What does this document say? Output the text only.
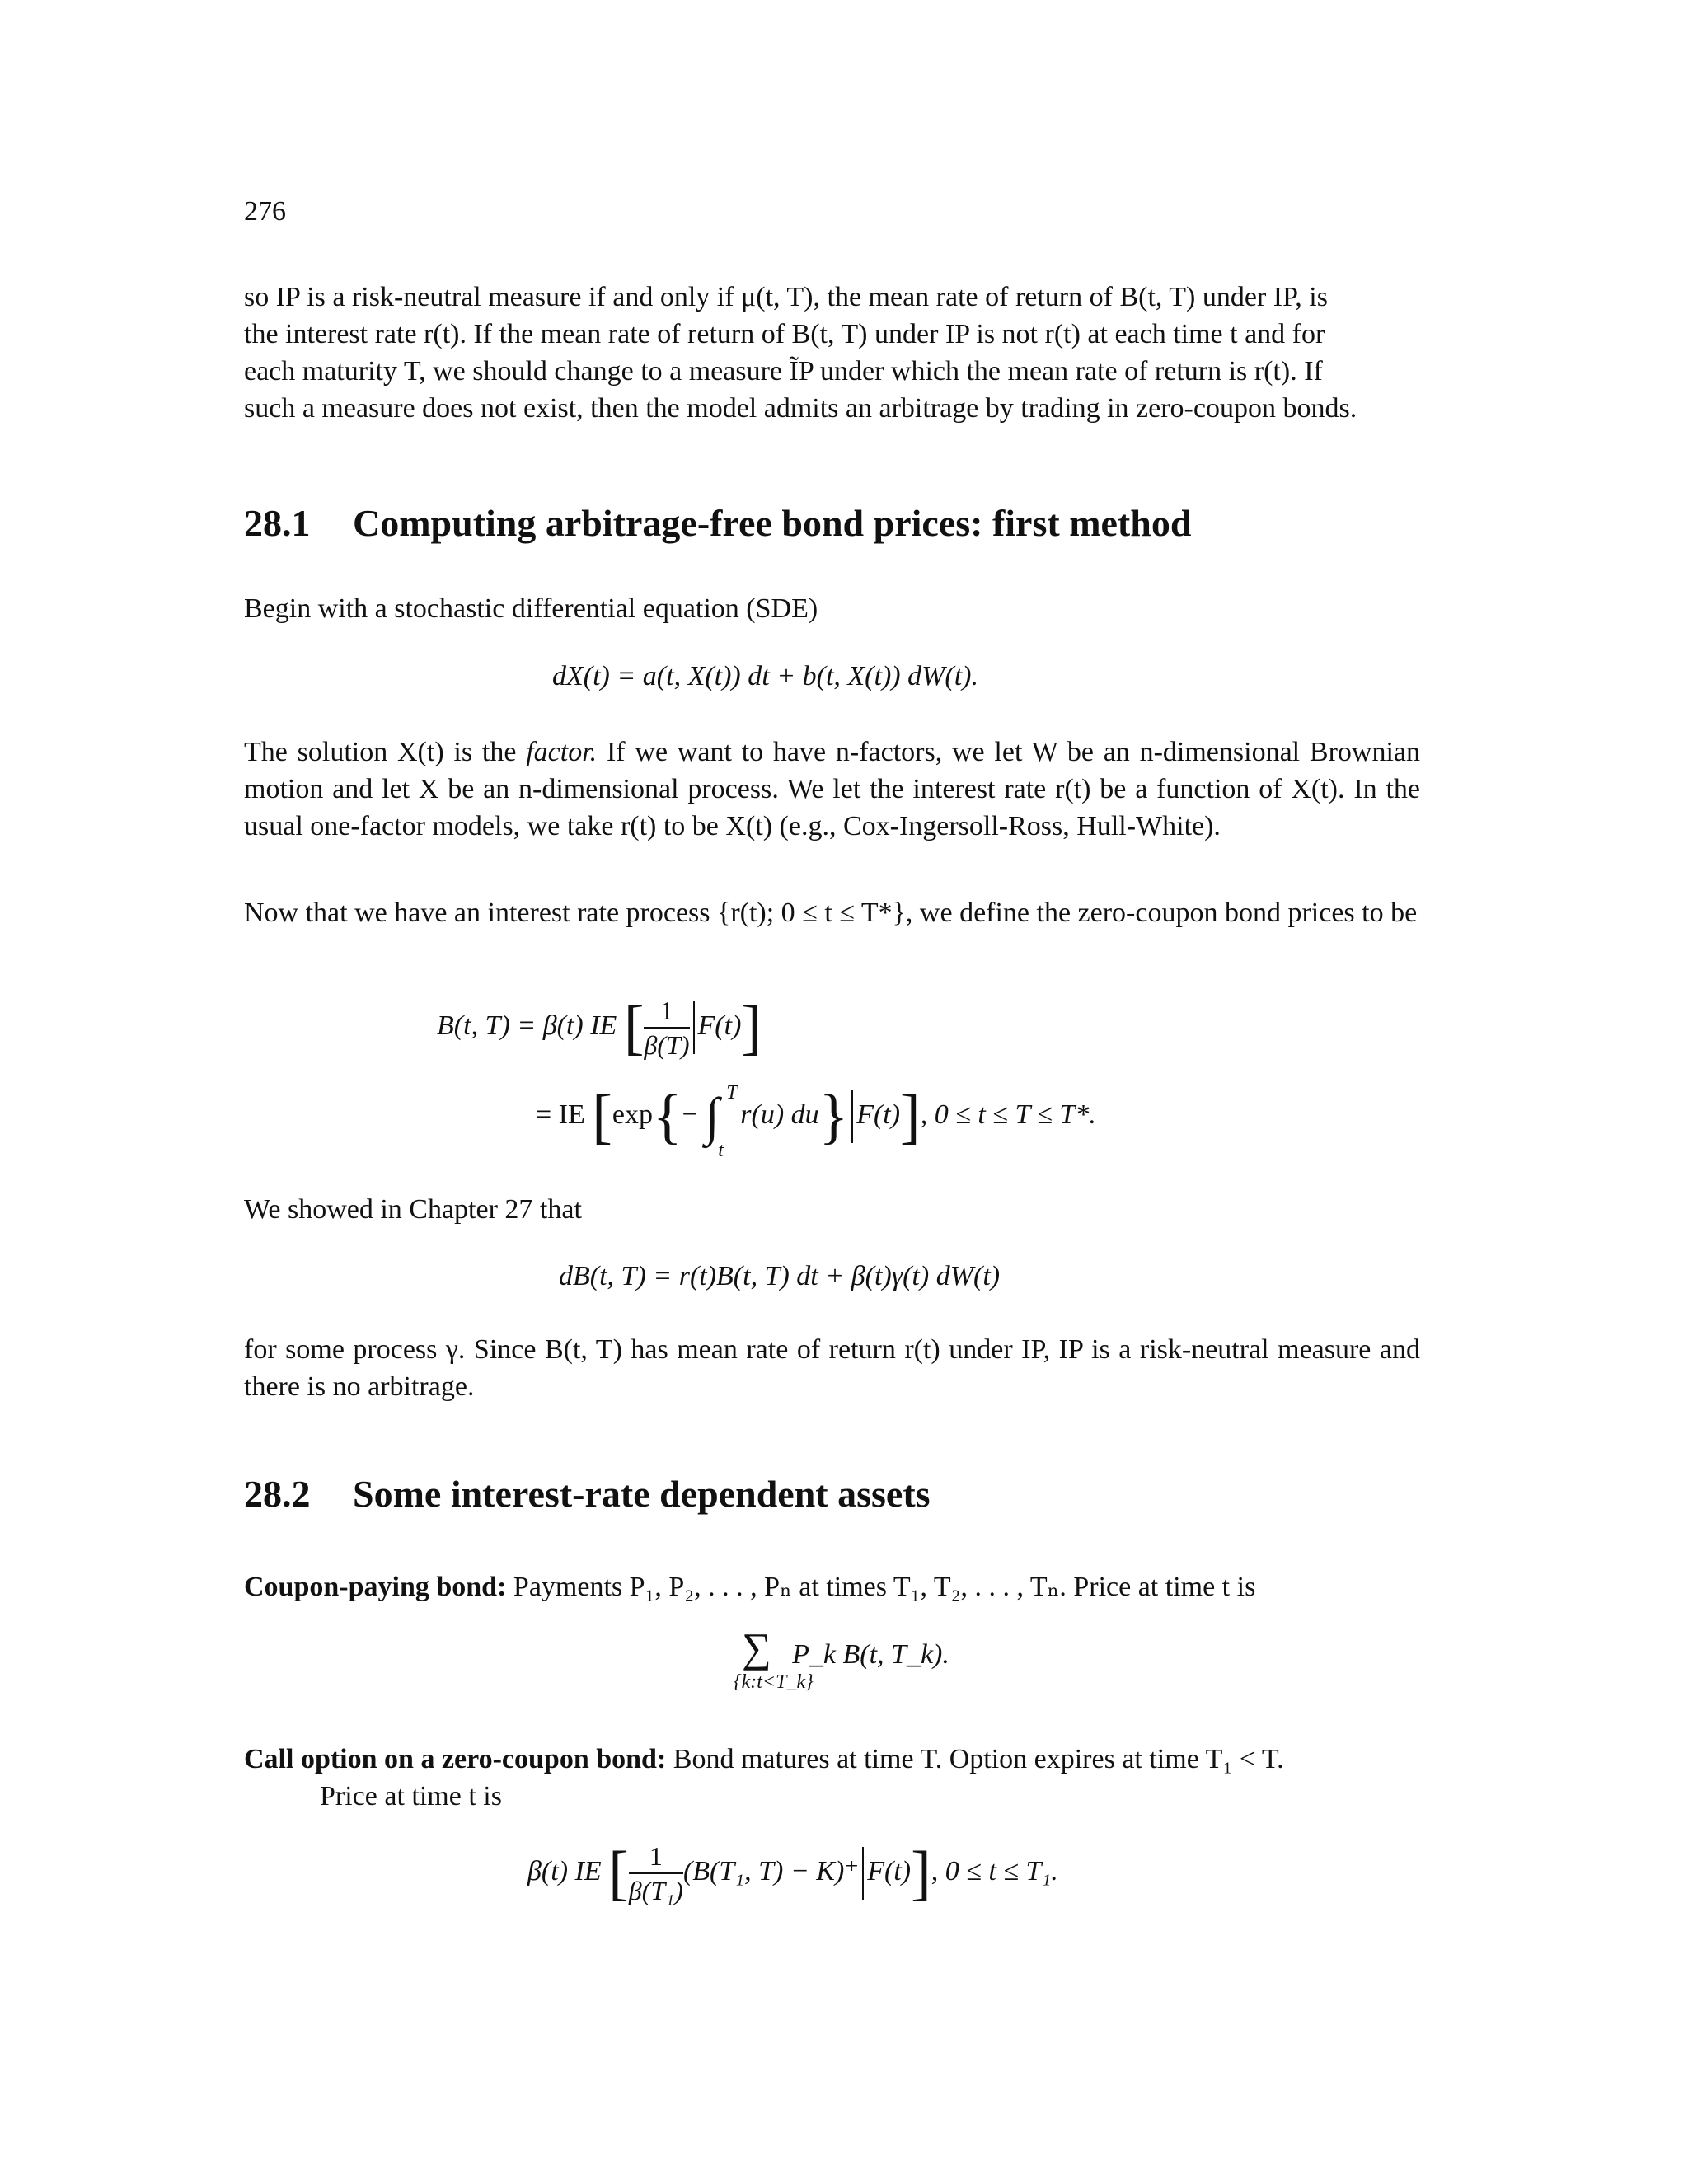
276

so IP is a risk-neutral measure if and only if μ(t, T), the mean rate of return of B(t, T) under IP, is

the interest rate r(t). If the mean rate of return of B(t, T) under IP is not r(t) at each time t and for

each maturity T, we should change to a measure ĨP under which the mean rate of return is r(t). If

such a measure does not exist, then the model admits an arbitrage by trading in zero-coupon bonds.

28.1 Computing arbitrage-free bond prices: first method

Begin with a stochastic differential equation (SDE)

dX(t) = a(t, X(t)) dt + b(t, X(t)) dW(t).

The solution X(t) is the factor. If we want to have n-factors, we let W be an n-dimensional Brownian motion and let X be an n-dimensional process. We let the interest rate r(t) be a function of X(t). In the usual one-factor models, we take r(t) to be X(t) (e.g., Cox-Ingersoll-Ross, Hull-White).

Now that we have an interest rate process {r(t); 0 ≤ t ≤ T*}, we define the zero-coupon bond prices to be

B(t, T) = β(t) IE [ $\frac{1}{\beta(T)} F(t)$]
= IE [exp{− ∫ T
t
r(u) du} F(t)], 0 ≤ t ≤ T ≤ T*.

We showed in Chapter 27 that

dB(t, T) = r(t)B(t, T) dt + β(t)γ(t) dW(t)

for some process γ. Since B(t, T) has mean rate of return r(t) under IP, IP is a risk-neutral measure and there is no arbitrage.

28.2 Some interest-rate dependent assets

Coupon-paying bond: Payments P₁, P₂, . . . , Pₙ at times T₁, T₂, . . . , Tₙ. Price at time t is

∑ P_k B(t, T_k).
{k:t<T_k}

Call option on a zero-coupon bond: Bond matures at time T. Option expires at time T₁ < T.

Price at time t is

β(t) IE [ $\frac{1}{\text{β(T₁)}} (B(T_1$, T) − K)⁺ F(t)], 0 ≤ t ≤ T₁.
